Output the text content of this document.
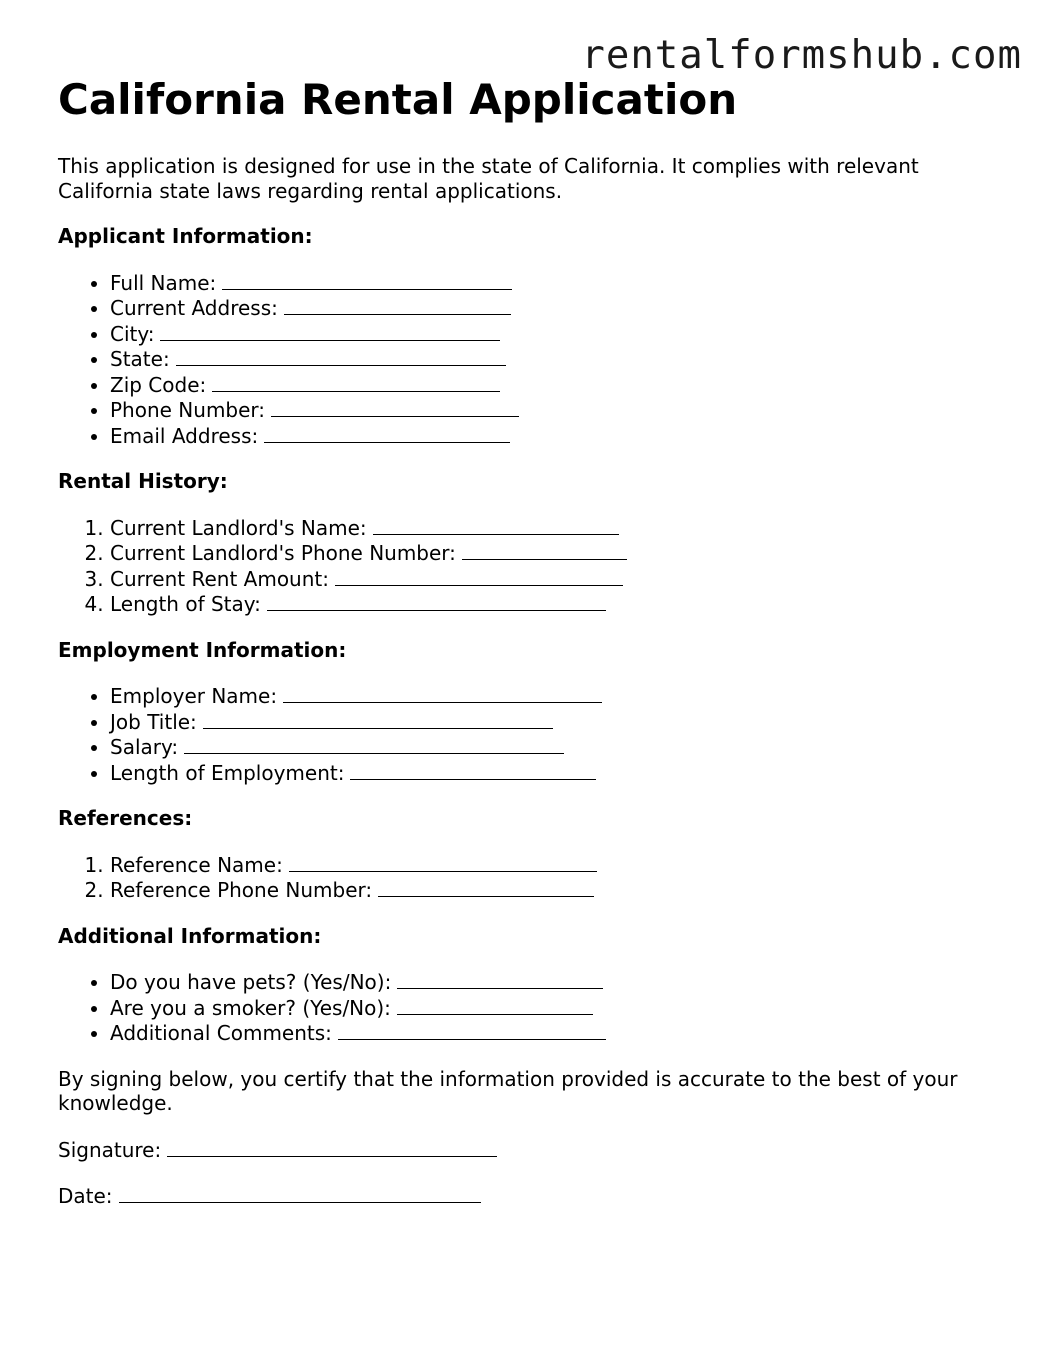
rentalformshub.com
California Rental Application

This application is designed for use in the state of California. It complies with relevant California state laws regarding rental applications.

Applicant Information:
• Full Name:
• Current Address:
• City:
• State:
• Zip Code:
• Phone Number:
• Email Address:
Rental History:
1. Current Landlord's Name:
2. Current Landlord's Phone Number:
3. Current Rent Amount:
4. Length of Stay:
Employment Information:
• Employer Name:
• Job Title:
• Salary:
• Length of Employment:
References:
1. Reference Name:
2. Reference Phone Number:
Additional Information:
• Do you have pets? (Yes/No):
• Are you a smoker? (Yes/No):
• Additional Comments:

By signing below, you certify that the information provided is accurate to the best of your knowledge.

Signature:
Date:
